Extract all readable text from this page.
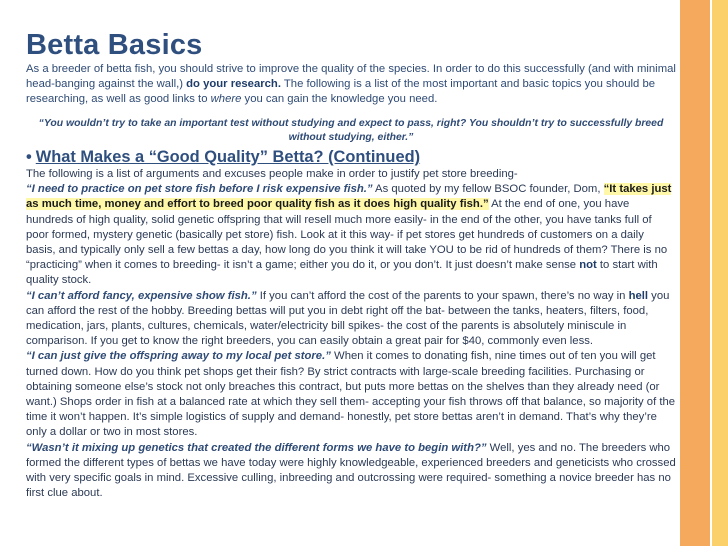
Betta Basics

As a breeder of betta fish, you should strive to improve the quality of the species. In order to do this successfully (and with minimal head-banging against the wall,) do your research. The following is a list of the most important and basic topics you should be researching, as well as good links to where you can gain the knowledge you need.

“You wouldn’t try to take an important test without studying and expect to pass, right? You shouldn’t try to successfully breed without studying, either.”

• What Makes a “Good Quality” Betta? (Continued)

The following is a list of arguments and excuses people make in order to justify pet store breeding-

“I need to practice on pet store fish before I risk expensive fish.” As quoted by my fellow BSOC founder, Dom, “It takes just as much time, money and effort to breed poor quality fish as it does high quality fish.” At the end of one, you have hundreds of high quality, solid genetic offspring that will resell much more easily- in the end of the other, you have tanks full of poor formed, mystery genetic (basically pet store) fish. Look at it this way- if pet stores get hundreds of customers on a daily basis, and typically only sell a few bettas a day, how long do you think it will take YOU to be rid of hundreds of them? There is no “practicing” when it comes to breeding- it isn’t a game; either you do it, or you don’t. It just doesn’t make sense not to start with quality stock.

“I can’t afford fancy, expensive show fish.” If you can’t afford the cost of the parents to your spawn, there’s no way in hell you can afford the rest of the hobby. Breeding bettas will put you in debt right off the bat- between the tanks, heaters, filters, food, medication, jars, plants, cultures, chemicals, water/electricity bill spikes- the cost of the parents is absolutely miniscule in comparison. If you get to know the right breeders, you can easily obtain a great pair for $40, commonly even less.

“I can just give the offspring away to my local pet store.” When it comes to donating fish, nine times out of ten you will get turned down. How do you think pet shops get their fish? By strict contracts with large-scale breeding facilities. Purchasing or obtaining someone else’s stock not only breaches this contract, but puts more bettas on the shelves than they already need (or want.) Shops order in fish at a balanced rate at which they sell them- accepting your fish throws off that balance, so majority of the time it won’t happen. It’s simple logistics of supply and demand- honestly, pet store bettas aren’t in demand. That’s why they’re only a dollar or two in most stores.

“Wasn’t it mixing up genetics that created the different forms we have to begin with?” Well, yes and no. The breeders who formed the different types of bettas we have today were highly knowledgeable, experienced breeders and geneticists who crossed with very specific goals in mind. Excessive culling, inbreeding and outcrossing were required- something a novice breeder has no first clue about.
